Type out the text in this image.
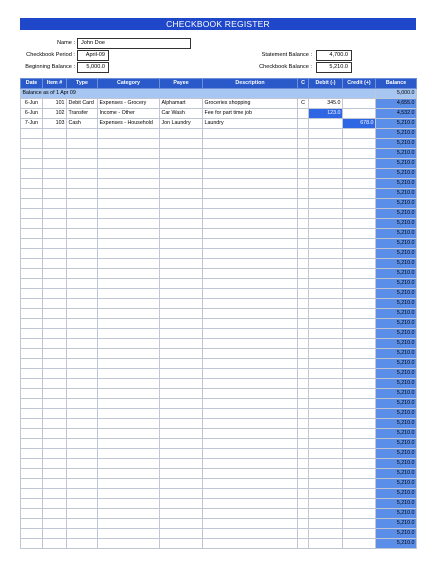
CHECKBOOK REGISTER
Name :	John Doe
Checkbook Period :	April-09
Beginning Balance :	5,000.0
Statement Balance :	4,700.0
Checkbook Balance :	5,210.0
Date	Item #	Type	Category	Payee	Description	C	Debit (-)	Credit (+)	Balance
Balance as of 1 Apr 09									5,000.0
6-Jun	101	Debit Card	Expenses - Grocery	Alphamart	Groceries shopping	C	345.0		4,655.0
6-Jun	102	Transfer	Income - Other	Car Wash	Fee for part time job		123.0		4,532.0
7-Jun	103	Cash	Expenses - Household	Jon Laundry	Laundry			678.0	5,210.0
									5,210.0
									5,210.0
									5,210.0
									5,210.0
									5,210.0
									5,210.0
									5,210.0
									5,210.0
									5,210.0
									5,210.0
									5,210.0
									5,210.0
									5,210.0
									5,210.0
									5,210.0
									5,210.0
									5,210.0
									5,210.0
									5,210.0
									5,210.0
									5,210.0
									5,210.0
									5,210.0
									5,210.0
									5,210.0
									5,210.0
									5,210.0
									5,210.0
									5,210.0
									5,210.0
									5,210.0
									5,210.0
									5,210.0
									5,210.0
									5,210.0
									5,210.0
									5,210.0
									5,210.0
									5,210.0
									5,210.0
									5,210.0
									5,210.0
